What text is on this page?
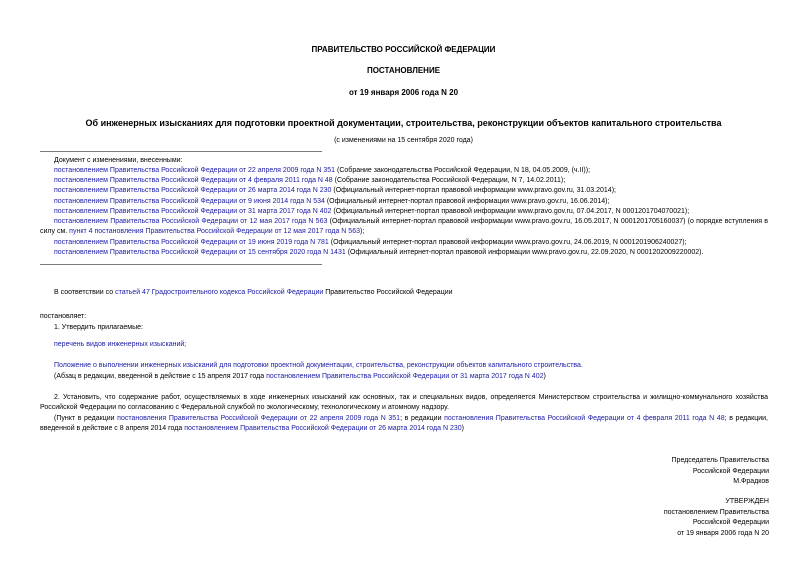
ПРАВИТЕЛЬСТВО РОССИЙСКОЙ ФЕДЕРАЦИИ
ПОСТАНОВЛЕНИЕ
от 19 января 2006 года N 20
Об инженерных изысканиях для подготовки проектной документации, строительства, реконструкции объектов капитального строительства
(с изменениями на 15 сентября 2020 года)
Документ с изменениями, внесенными:
постановлением Правительства Российской Федерации от 22 апреля 2009 года N 351 (Собрание законодательства Российской Федерации, N 18, 04.05.2009, (ч.II));
постановлением Правительства Российской Федерации от 4 февраля 2011 года N 48 (Собрание законодательства Российской Федерации, N 7, 14.02.2011);
постановлением Правительства Российской Федерации от 26 марта 2014 года N 230 (Официальный интернет-портал правовой информации www.pravo.gov.ru, 31.03.2014);
постановлением Правительства Российской Федерации от 9 июня 2014 года N 534 (Официальный интернет-портал правовой информации www.pravo.gov.ru, 16.06.2014);
постановлением Правительства Российской Федерации от 31 марта 2017 года N 402 (Официальный интернет-портал правовой информации www.pravo.gov.ru, 07.04.2017, N 0001201704070021);
постановлением Правительства Российской Федерации от 12 мая 2017 года N 563 (Официальный интернет-портал правовой информации www.pravo.gov.ru, 16.05.2017, N 0001201705160037) (о порядке вступления в силу см. пункт 4 постановления Правительства Российской Федерации от 12 мая 2017 года N 563);
постановлением Правительства Российской Федерации от 19 июня 2019 года N 781 (Официальный интернет-портал правовой информации www.pravo.gov.ru, 24.06.2019, N 0001201906240027);
постановлением Правительства Российской Федерации от 15 сентября 2020 года N 1431 (Официальный интернет-портал правовой информации www.pravo.gov.ru, 22.09.2020, N 0001202009220002).
В соответствии со статьей 47 Градостроительного кодекса Российской Федерации Правительство Российской Федерации
постановляет:
1. Утвердить прилагаемые:
перечень видов инженерных изысканий;
Положение о выполнении инженерных изысканий для подготовки проектной документации, строительства, реконструкции объектов капитального строительства.
(Абзац в редакции, введенной в действие с 15 апреля 2017 года постановлением Правительства Российской Федерации от 31 марта 2017 года N 402)
2. Установить, что содержание работ, осуществляемых в ходе инженерных изысканий как основных, так и специальных видов, определяется Министерством строительства и жилищно-коммунального хозяйства Российской Федерации по согласованию с Федеральной службой по экологическому, технологическому и атомному надзору.
(Пункт в редакции постановления Правительства Российской Федерации от 22 апреля 2009 года N 351; в редакции постановления Правительства Российской Федерации от 4 февраля 2011 года N 48; в редакции, введенной в действие с 8 апреля 2014 года постановлением Правительства Российской Федерации от 26 марта 2014 года N 230)
Председатель Правительства
Российской Федерации
М.Фрадков
УТВЕРЖДЕН
постановлением Правительства
Российской Федерации
от 19 января 2006 года N 20
